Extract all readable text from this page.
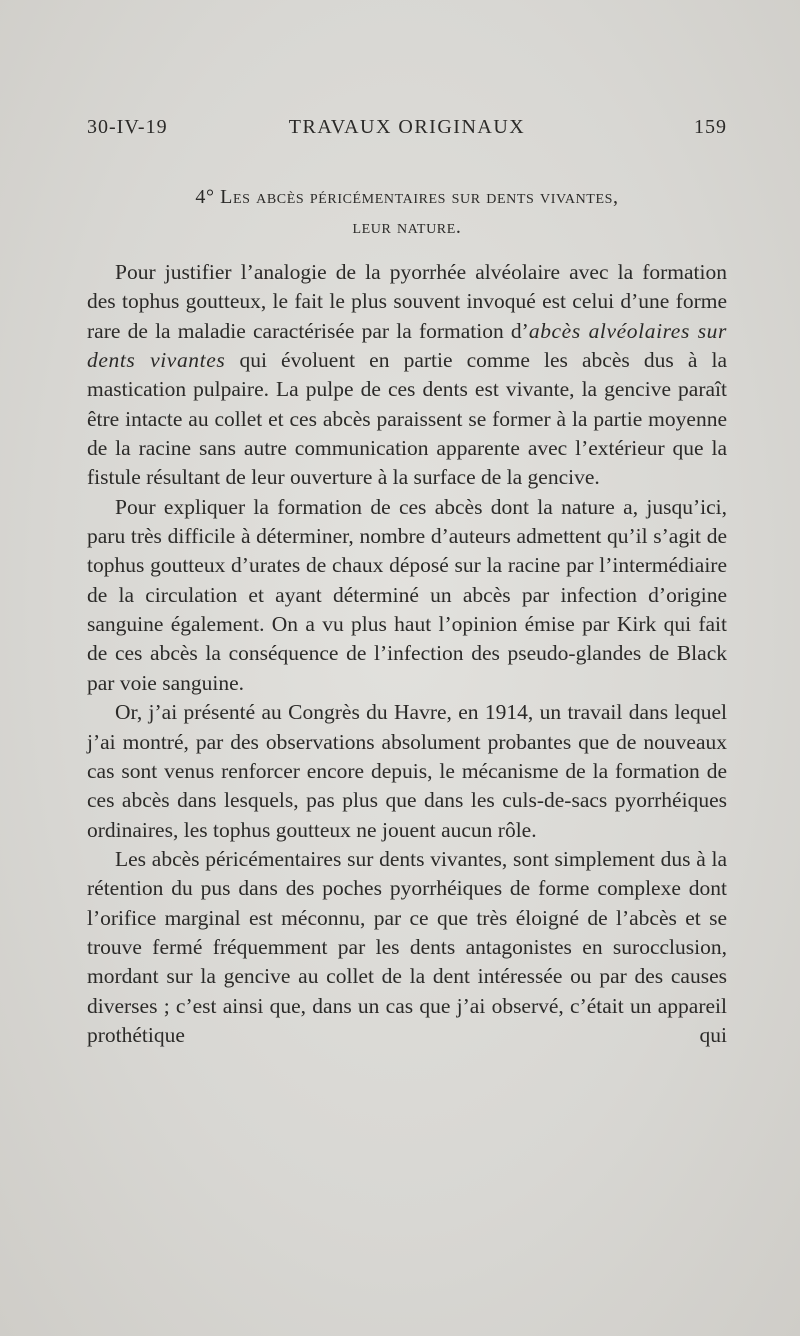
30-IV-19	TRAVAUX ORIGINAUX	159
4° Les abcès péricémentaires sur dents vivantes,
leur nature.

Pour justifier l’analogie de la pyorrhée alvéolaire avec la formation des tophus goutteux, le fait le plus souvent invoqué est celui d’une forme rare de la maladie caractérisée par la formation d’abcès alvéolaires sur dents vivantes qui évoluent en partie comme les abcès dus à la mastication pulpaire. La pulpe de ces dents est vivante, la gencive paraît être intacte au collet et ces abcès paraissent se former à la partie moyenne de la racine sans autre communication apparente avec l’extérieur que la fistule résultant de leur ouverture à la surface de la gencive.

Pour expliquer la formation de ces abcès dont la nature a, jusqu’ici, paru très difficile à déterminer, nombre d’auteurs admettent qu’il s’agit de tophus goutteux d’urates de chaux déposé sur la racine par l’intermédiaire de la circulation et ayant déterminé un abcès par infection d’origine sanguine également. On a vu plus haut l’opinion émise par Kirk qui fait de ces abcès la conséquence de l’infection des pseudo-glandes de Black par voie sanguine.

Or, j’ai présenté au Congrès du Havre, en 1914, un travail dans lequel j’ai montré, par des observations absolument probantes que de nouveaux cas sont venus renforcer encore depuis, le mécanisme de la formation de ces abcès dans lesquels, pas plus que dans les culs-de-sacs pyorrhéiques ordinaires, les tophus goutteux ne jouent aucun rôle.

Les abcès péricémentaires sur dents vivantes, sont simplement dus à la rétention du pus dans des poches pyorrhéiques de forme complexe dont l’orifice marginal est méconnu, par ce que très éloigné de l’abcès et se trouve fermé fréquemment par les dents antagonistes en surocclusion, mordant sur la gencive au collet de la dent intéressée ou par des causes diverses ; c’est ainsi que, dans un cas que j’ai observé, c’était un appareil prothétique qui
